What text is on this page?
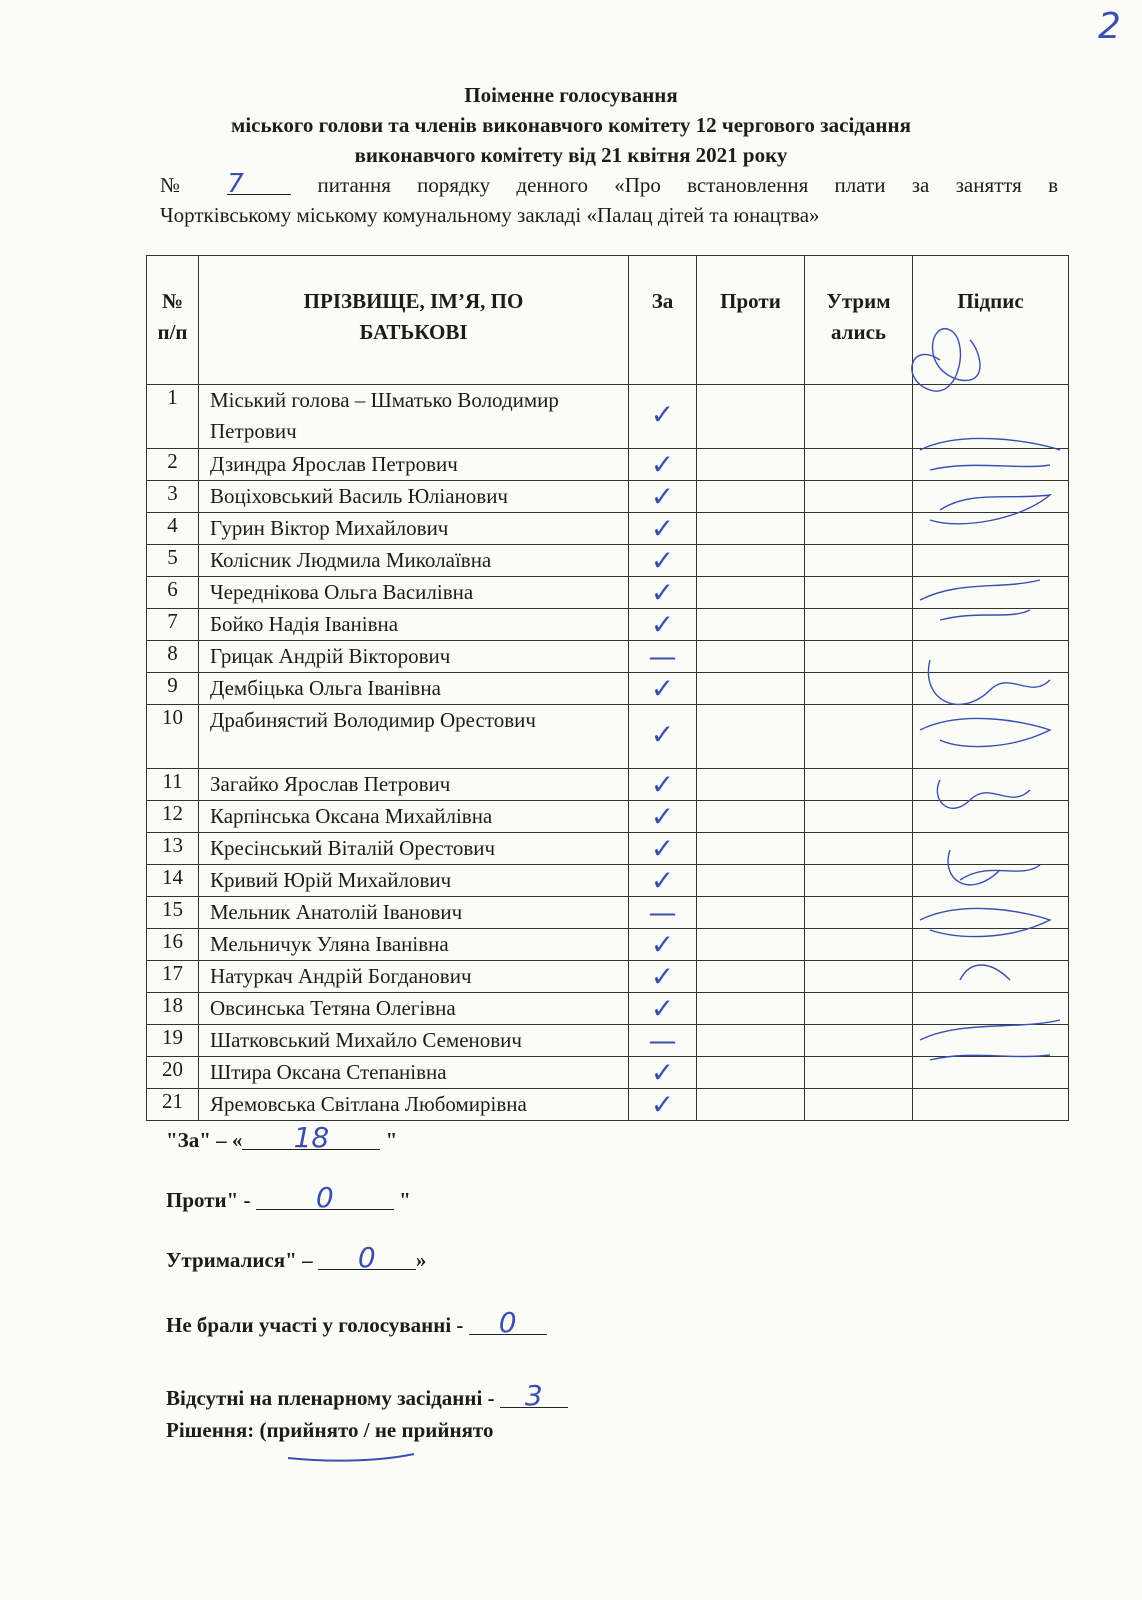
2
Поіменне голосування
міського голови та членів виконавчого комітету 12 чергового засідання
виконавчого комітету від 21 квітня 2021 року
№ 7	питання порядку денного «Про встановлення плати за заняття в
Чортківському міському комунальному закладі «Палац дітей та юнацтва»
№ п/п	ПРІЗВИЩЕ, ІМ’Я, ПО БАТЬКОВІ	За	Проти	Утрим ались	Підпис
1	Міський голова – Шматько Володимир Петрович	✓			
2	Дзиндра Ярослав Петрович	✓			
3	Воціховський Василь Юліанович	✓			
4	Гурин Віктор Михайлович	✓			
5	Колісник Людмила Миколаївна	✓			
6	Череднікова Ольга Василівна	✓			
7	Бойко Надія Іванівна	✓			
8	Грицак Андрій Вікторович	—			
9	Дембіцька Ольга Іванівна	✓			
10	Драбинястий Володимир Орестович	✓			
11	Загайко Ярослав Петрович	✓			
12	Карпінська Оксана Михайлівна	✓			
13	Кресінський Віталій Орестович	✓			
14	Кривий Юрій Михайлович	✓			
15	Мельник Анатолій Іванович	—			
16	Мельничук Уляна Іванівна	✓			
17	Натуркач Андрій Богданович	✓			
18	Овсинська Тетяна Олегівна	✓			
19	Шатковський Михайло Семенович	—			
20	Штира Оксана Степанівна	✓			
21	Яремовська Світлана Любомирівна	✓			
"За" – « 18 "
Проти" - 0	"
Утрималися" – 0 »
Не брали участі у голосуванні - 0
Відсутні на пленарному засіданні - 3
Рішення: (прийнято / не прийнято
